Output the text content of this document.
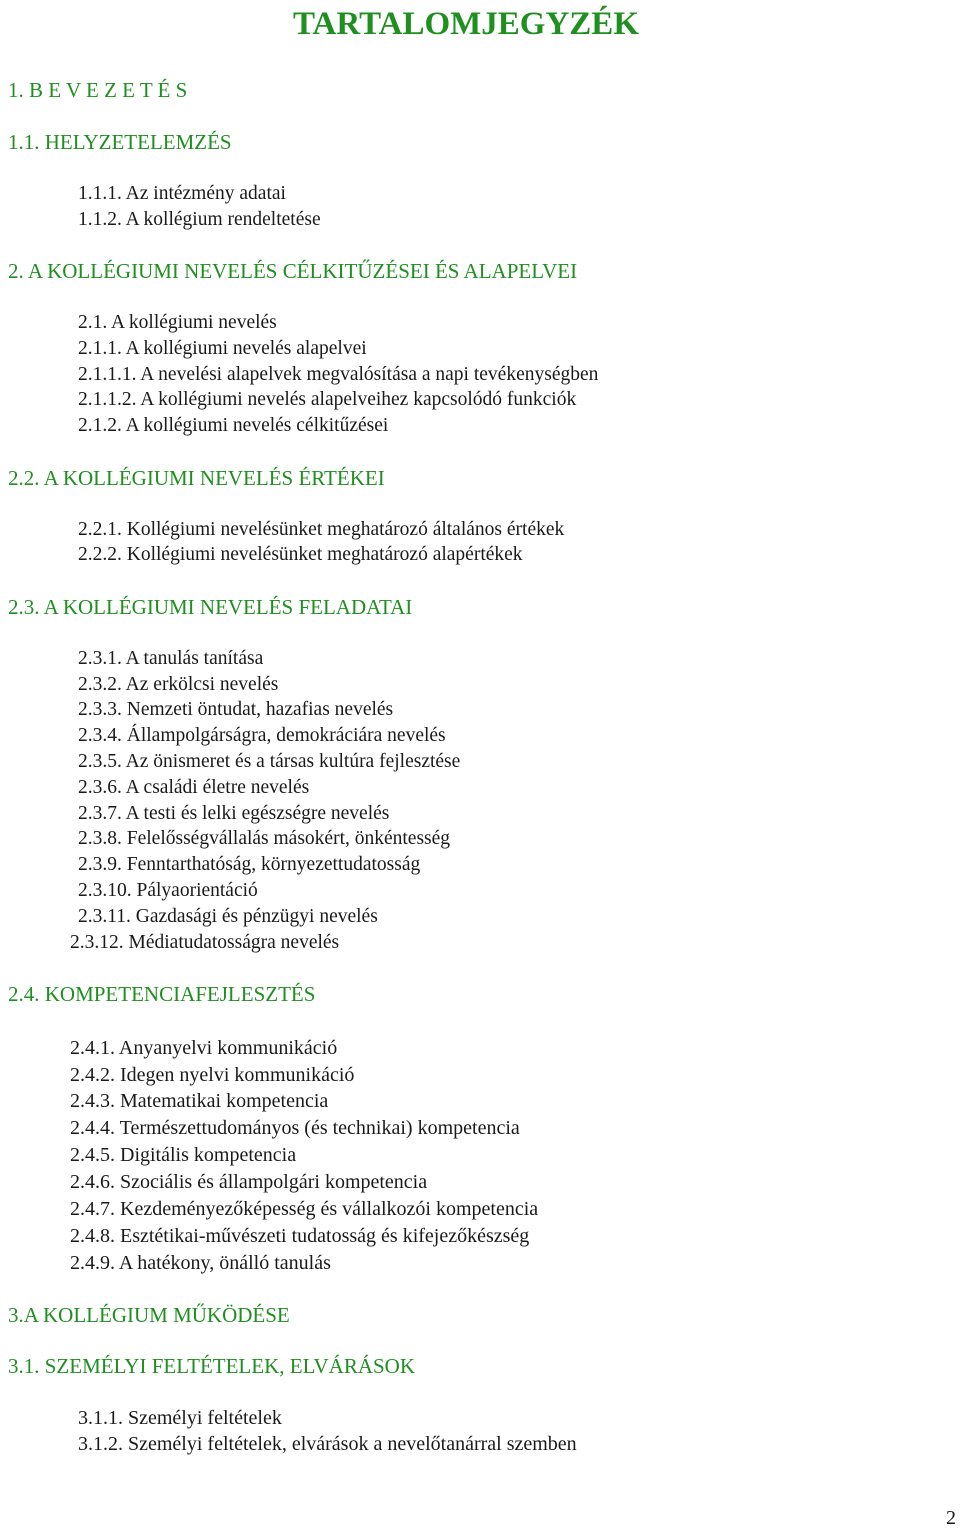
TARTALOMJEGYZÉK
1. B E V E Z E T É S
1.1. HELYZETELEMZÉS
1.1.1. Az intézmény adatai
1.1.2. A kollégium rendeltetése
2. A KOLLÉGIUMI NEVELÉS CÉLKITŰZÉSEI ÉS ALAPELVEI
2.1. A kollégiumi nevelés
2.1.1. A kollégiumi nevelés alapelvei
2.1.1.1. A nevelési alapelvek megvalósítása a napi tevékenységben
2.1.1.2. A kollégiumi nevelés alapelveihez kapcsolódó funkciók
2.1.2. A kollégiumi nevelés célkitűzései
2.2. A KOLLÉGIUMI NEVELÉS ÉRTÉKEI
2.2.1. Kollégiumi nevelésünket meghatározó általános értékek
2.2.2. Kollégiumi nevelésünket meghatározó alapértékek
2.3. A KOLLÉGIUMI NEVELÉS FELADATAI
2.3.1. A tanulás tanítása
2.3.2. Az erkölcsi nevelés
2.3.3. Nemzeti öntudat, hazafias nevelés
2.3.4. Állampolgárságra, demokráciára nevelés
2.3.5. Az önismeret és a társas kultúra fejlesztése
2.3.6. A családi életre nevelés
2.3.7. A testi és lelki egészségre nevelés
2.3.8. Felelősségvállalás másokért, önkéntesség
2.3.9. Fenntarthatóság, környezettudatosság
2.3.10. Pályaorientáció
2.3.11. Gazdasági és pénzügyi nevelés
2.3.12. Médiatudatosságra nevelés
2.4. KOMPETENCIAFEJLESZTÉS
2.4.1. Anyanyelvi kommunikáció
2.4.2. Idegen nyelvi kommunikáció
2.4.3. Matematikai kompetencia
2.4.4. Természettudományos (és technikai) kompetencia
2.4.5. Digitális kompetencia
2.4.6. Szociális és állampolgári kompetencia
2.4.7. Kezdeményezőképesség és vállalkozói kompetencia
2.4.8. Esztétikai-művészeti tudatosság és kifejezőkészség
2.4.9. A hatékony, önálló tanulás
3.A KOLLÉGIUM MŰKÖDÉSE
3.1. SZEMÉLYI FELTÉTELEK, ELVÁRÁSOK
3.1.1. Személyi feltételek
3.1.2. Személyi feltételek, elvárások a nevelőtanárral szemben
2
